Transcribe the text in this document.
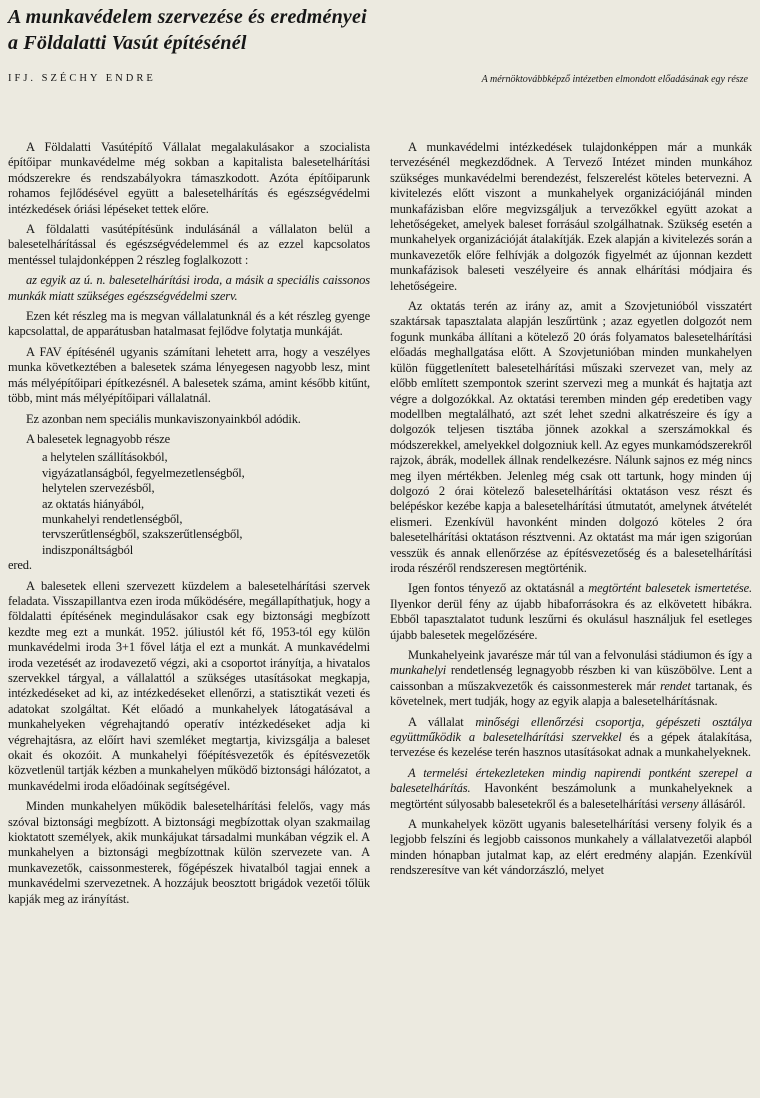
A munkavédelem szervezése és eredményei
a Földalatti Vasút építésénél
IFJ. SZÉCHY ENDRE	A mérnöktovábbképző intézetben elmondott előadásának egy része

A Földalatti Vasútépítő Vállalat megalakulásakor a szocialista építőipar munkavédelme még sokban a kapitalista balesetelhárítási módszerekre és rendszabályokra támaszkodott. Azóta építőiparunk rohamos fejlődésével együtt a balesetelhárítás és egészségvédelmi intézkedések óriási lépéseket tettek előre.

A földalatti vasútépítésünk indulásánál a vállalaton belül a balesetelhárítással és egészségvédelemmel és az ezzel kapcsolatos mentéssel tulajdonképpen 2 részleg foglalkozott :

az egyik az ú. n. balesetelhárítási iroda, a másik a speciális caissonos munkák miatt szükséges egészségvédelmi szerv.

Ezen két részleg ma is megvan vállalatunknál és a két részleg gyenge kapcsolattal, de apparátusban hatalmasat fejlődve folytatja munkáját.

A FAV építésénél ugyanis számítani lehetett arra, hogy a veszélyes munka következtében a balesetek száma lényegesen nagyobb lesz, mint más mélyépítőipari építkezésnél. A balesetek száma, amint később kitűnt, több, mint más mélyépítőipari vállalatnál.

Ez azonban nem speciális munkaviszonyainkból adódik.

A balesetek legnagyobb része

a helytelen szállításokból,
vigyázatlanságból, fegyelmezetlenségből,
helytelen szervezésből,
az oktatás hiányából,
munkahelyi rendetlenségből,
tervszerűtlenségből, szakszerűtlenségből,
indiszponáltságból

ered.

A balesetek elleni szervezett küzdelem a balesetelhárítási szervek feladata. Visszapillantva ezen iroda működésére, megállapíthatjuk, hogy a földalatti építésének megindulásakor csak egy biztonsági megbízott kezdte meg ezt a munkát. 1952. júliustól két fő, 1953-tól egy külön munkavédelmi iroda 3+1 fővel látja el ezt a munkát. A munkavédelmi iroda vezetését az irodavezető végzi, aki a csoportot irányítja, a hivatalos szervekkel tárgyal, a vállalattól a szükséges utasításokat megkapja, intézkedéseket ad ki, az intézkedéseket ellenőrzi, a statisztikát vezeti és adatokat szolgáltat. Két előadó a munkahelyek látogatásával a munkahelyeken végrehajtandó operatív intézkedéseket adja ki végrehajtásra, az előírt havi szemléket megtartja, kivizsgálja a baleset okait és okozóit. A munkahelyi főépítésvezetők és építésvezetők közvetlenül tartják kézben a munkahelyen működő biztonsági hálózatot, a munkavédelmi iroda előadóinak segítségével.

Minden munkahelyen működik balesetelhárítási felelős, vagy más szóval biztonsági megbízott. A biztonsági megbízottak olyan szakmailag kioktatott személyek, akik munkájukat társadalmi munkában végzik el. A munkahelyen a biztonsági megbízottnak külön szervezete van. A munkavezetők, caissonmesterek, főgépészek hivatalból tagjai ennek a munkavédelmi szervezetnek. A hozzájuk beosztott brigádok vezetői tőlük kapják meg az irányítást.

A munkavédelmi intézkedések tulajdonképpen már a munkák tervezésénél megkezdődnek. A Tervező Intézet minden munkához szükséges munkavédelmi berendezést, felszerelést köteles betervezni. A kivitelezés előtt viszont a munkahelyek organizációjánál minden munkafázisban előre megvizsgáljuk a tervezőkkel együtt azokat a lehetőségeket, amelyek baleset forrásául szolgálhatnak. Szükség esetén a munkahelyek organizációját átalakítják. Ezek alapján a kivitelezés során a munkavezetők előre felhívják a dolgozók figyelmét az újonnan kezdett munkafázisok baleseti veszélyeire és annak elhárítási módjaira és lehetőségeire.

Az oktatás terén az irány az, amit a Szovjetunióból visszatért szaktársak tapasztalata alapján leszűrtünk ; azaz egyetlen dolgozót nem fogunk munkába állítani a kötelező 20 órás folyamatos balesetelhárítási előadás meghallgatása előtt. A Szovjetunióban minden munkahelyen külön függetlenített balesetelhárítási műszaki szervezet van, mely az előbb említett szempontok szerint szervezi meg a munkát és hajtatja azt végre a dolgozókkal. Az oktatási teremben minden gép eredetiben vagy modellben megtalálható, azt szét lehet szedni alkatrészeire és így a dolgozók teljesen tisztába jönnek azokkal a szerszámokkal és módszerekkel, amelyekkel dolgozniuk kell. Az egyes munkamódszerekről rajzok, ábrák, modellek állnak rendelkezésre. Nálunk sajnos ez még nincs meg ilyen mértékben. Jelenleg még csak ott tartunk, hogy minden új dolgozó 2 órai kötelező balesetelhárítási oktatáson vesz részt és belépéskor kezébe kapja a balesetelhárítási útmutatót, amelynek átvételét elismeri. Ezenkívül havonként minden dolgozó köteles 2 óra balesetelhárítási oktatáson résztvenni. Az oktatást ma már igen szigorúan vesszük és annak ellenőrzése az építésvezetőség és a balesetelhárítási iroda részéről rendszeresen megtörténik.

Igen fontos tényező az oktatásnál a megtörtént balesetek ismertetése. Ilyenkor derül fény az újabb hibaforrásokra és az elkövetett hibákra. Ebből tapasztalatot tudunk leszűrni és okulásul használjuk fel esetleges újabb balesetek megelőzésére.

Munkahelyeink javarésze már túl van a felvonulási stádiumon és így a munkahelyi rendetlenség legnagyobb részben ki van küszöbölve. Lent a caissonban a műszakvezetők és caissonmesterek már rendet tartanak, és követelnek, mert tudják, hogy az egyik alapja a balesetelhárításnak.

A vállalat minőségi ellenőrzési csoportja, gépészeti osztálya együttműködik a balesetelhárítási szervekkel és a gépek átalakítása, tervezése és kezelése terén hasznos utasításokat adnak a munkahelyeknek.

A termelési értekezleteken mindig napirendi pontként szerepel a balesetelhárítás. Havonként beszámolunk a munkahelyeknek a megtörtént súlyosabb balesetekről és a balesetelhárítási verseny állásáról.

A munkahelyek között ugyanis balesetelhárítási verseny folyik és a legjobb felszíni és legjobb caissonos munkahely a vállalatvezetői alapból minden hónapban jutalmat kap, az elért eredmény alapján. Ezenkívül rendszeresítve van két vándorzászló, melyet
